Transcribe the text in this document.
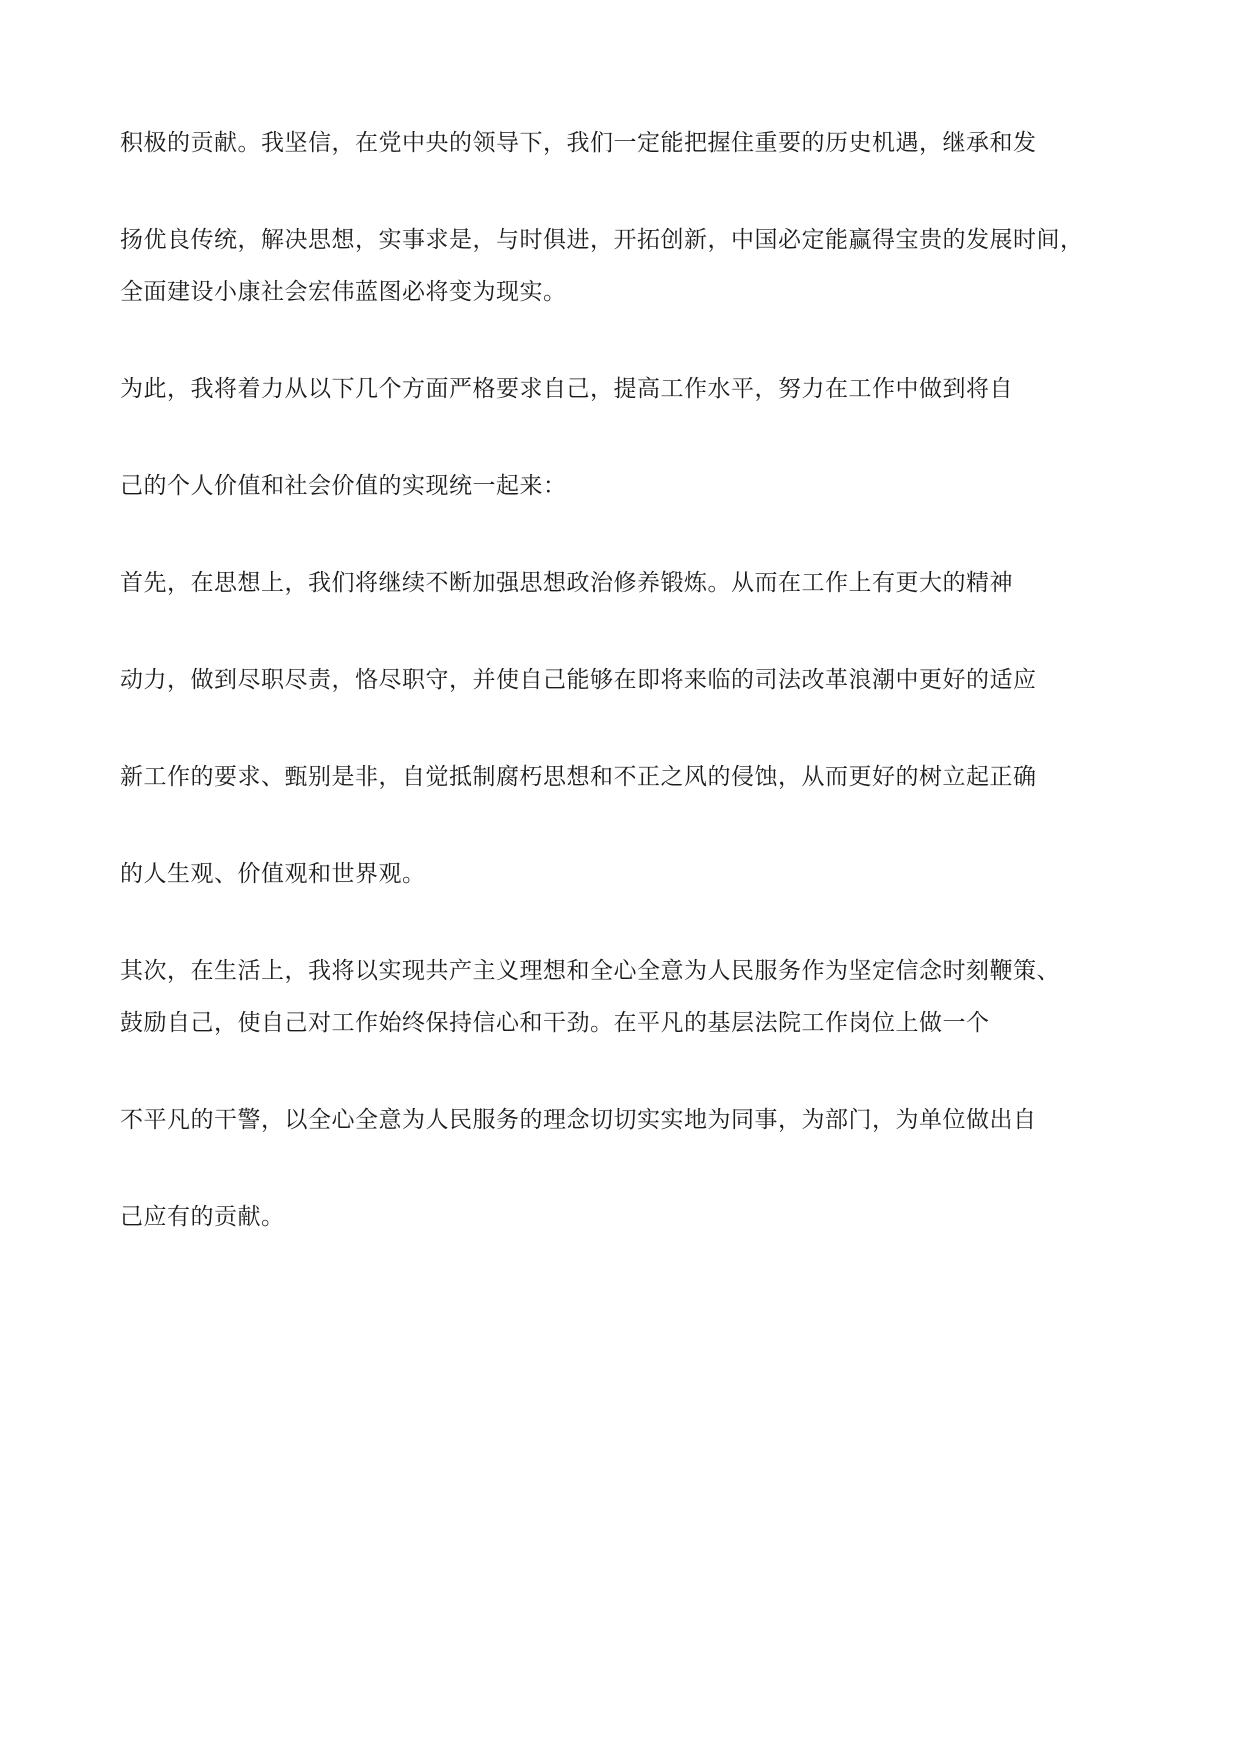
积极的贡献。我坚信，在党中央的领导下，我们一定能把握住重要的历史机遇，继承和发

扬优良传统，解决思想，实事求是，与时俱进，开拓创新，中国必定能赢得宝贵的发展时间，

全面建设小康社会宏伟蓝图必将变为现实。

为此，我将着力从以下几个方面严格要求自己，提高工作水平，努力在工作中做到将自

己的个人价值和社会价值的实现统一起来：

首先，在思想上，我们将继续不断加强思想政治修养锻炼。从而在工作上有更大的精神

动力，做到尽职尽责，恪尽职守，并使自己能够在即将来临的司法改革浪潮中更好的适应

新工作的要求、甄别是非，自觉抵制腐朽思想和不正之风的侵蚀，从而更好的树立起正确

的人生观、价值观和世界观。

其次，在生活上，我将以实现共产主义理想和全心全意为人民服务作为坚定信念时刻鞭策、

鼓励自己，使自己对工作始终保持信心和干劲。在平凡的基层法院工作岗位上做一个

不平凡的干警，以全心全意为人民服务的理念切切实实地为同事，为部门，为单位做出自

己应有的贡献。
